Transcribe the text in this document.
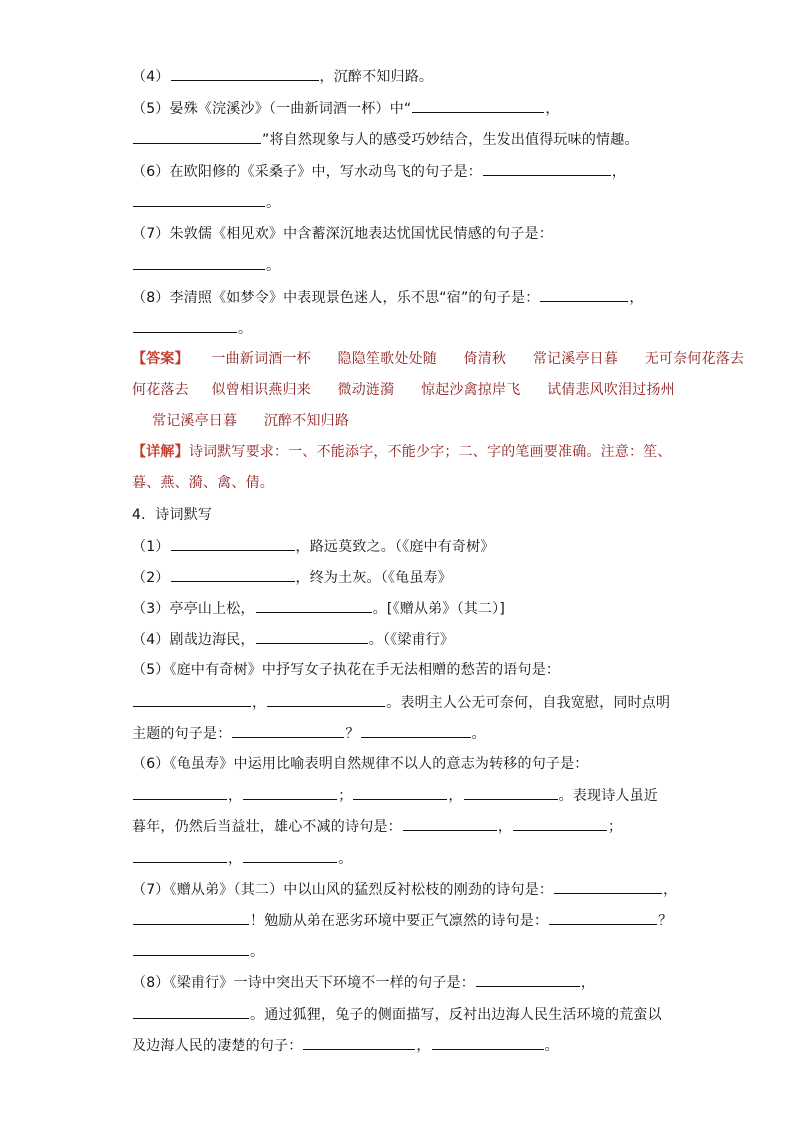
（4）	，沉醉不知归路。
（5）晏殊《浣溪沙》（一曲新词酒一杯）中“	，
”将自然现象与人的感受巧妙结合，生发出值得玩味的情趣。
（6）在欧阳修的《采桑子》中，写水动鸟飞的句子是：	，
。
（7）朱敦儒《相见欢》中含蓄深沉地表达忧国忧民情感的句子是：
。
（8）李清照《如梦令》中表现景色迷人，乐不思“宿”的句子是：	，
。
【答案】 一曲新词酒一杯 隐隐笙歌处处随 倚清秋 常记溪亭日暮 无可奈何花落去
何花落去 似曾相识燕归来 微动涟漪 惊起沙禽掠岸飞 试倩悲风吹泪过扬州
常记溪亭日暮 沉醉不知归路
【详解】诗词默写要求：一、不能添字，不能少字；二、字的笔画要准确。注意：笙、
暮、燕、漪、禽、倩。
4．诗词默写
（1）	，路远莫致之。（《庭中有奇树》
（2）	，终为土灰。（《龟虽寿》
（3）亭亭山上松，	。[《赠从弟》（其二）]
（4）剧哉边海民，	。（《梁甫行》
（5）《庭中有奇树》中抒写女子执花在手无法相赠的愁苦的语句是：
，	。表明主人公无可奈何，自我宽慰，同时点明
主题的句子是：	？	。
（6）《龟虽寿》中运用比喻表明自然规律不以人的意志为转移的句子是：
，	；	，	。表现诗人虽近
暮年，仍然后当益壮，雄心不减的诗句是：	，	；
，	。
（7）《赠从弟》（其二）中以山风的猛烈反衬松枝的刚劲的诗句是：	，
！勉励从弟在恶劣环境中要正气凛然的诗句是：	？
。
（8）《梁甫行》一诗中突出天下环境不一样的句子是：	，
。通过狐狸，兔子的侧面描写，反衬出边海人民生活环境的荒蛮以
及边海人民的凄楚的句子：	，	。
